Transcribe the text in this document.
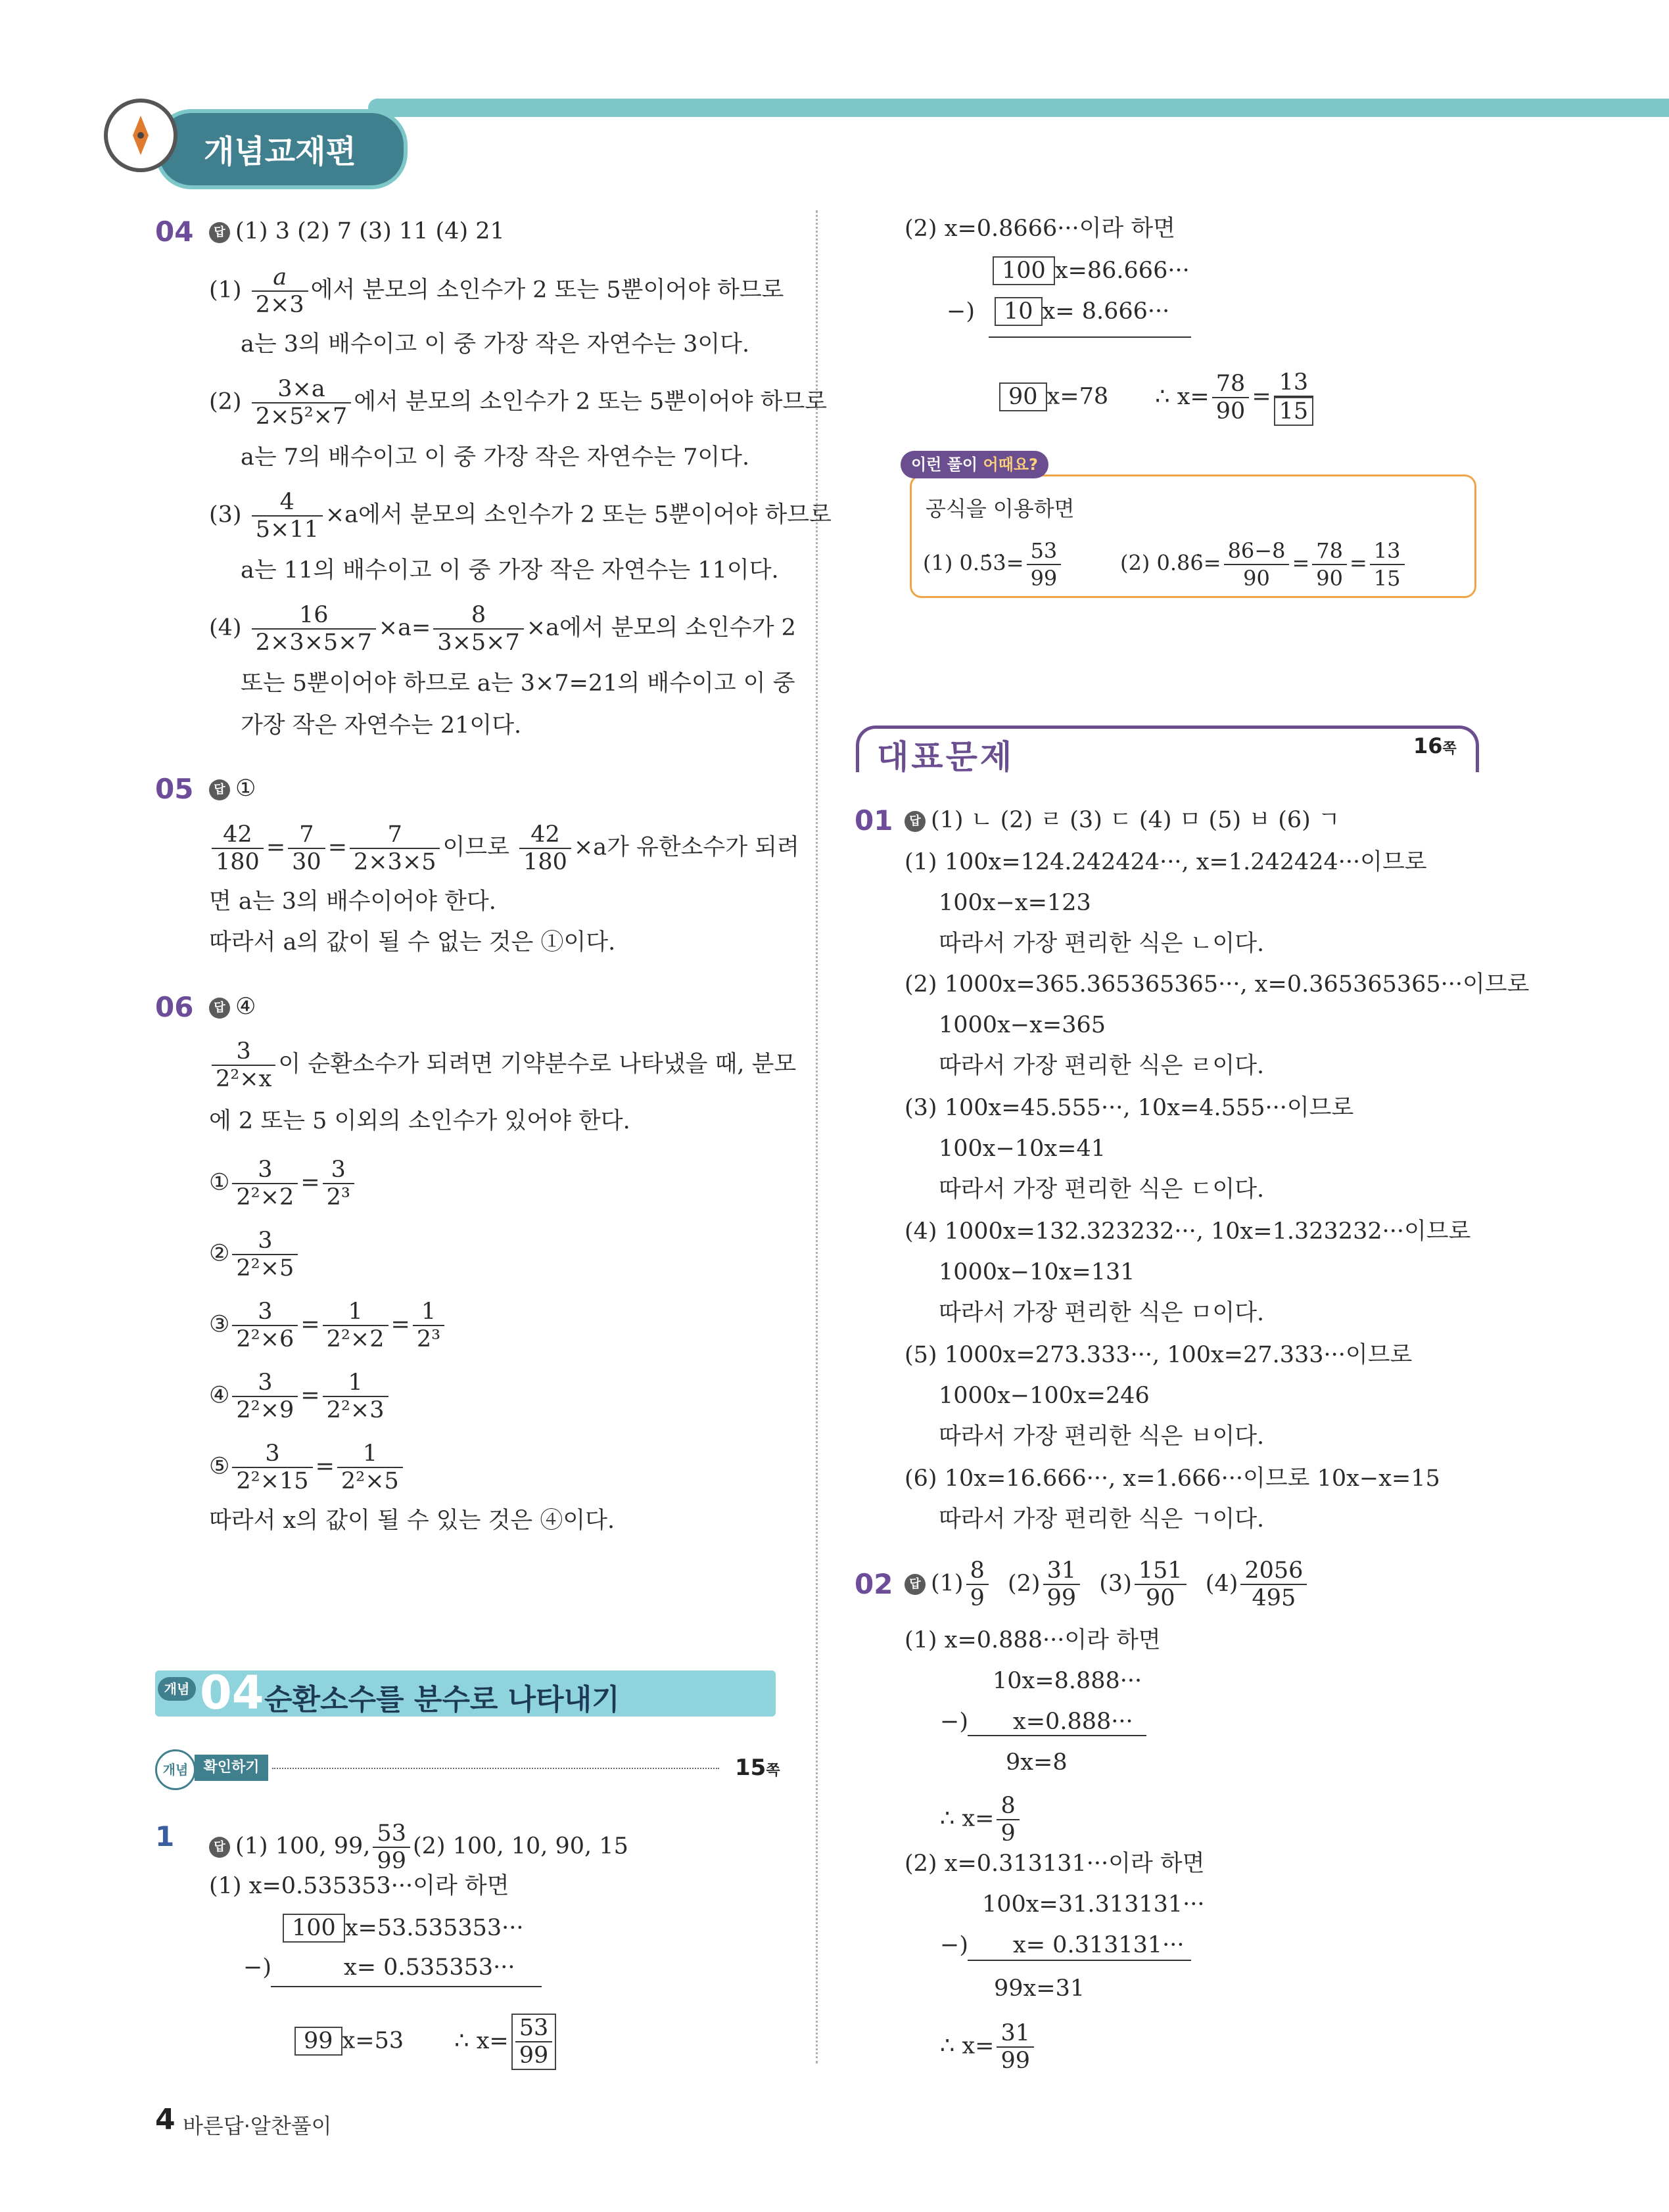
개념교재편
04	답 (1) 3 (2) 7 (3) 11 (4) 21
$(1) \frac{a}{2\times 3}$ 에서 분모의 소인수가 2 또는 5뿐이어야 하므로
a는 3의 배수이고 이 중 가장 작은 자연수는 3이다.
$(2) \frac{3\times a}{\text{2×5²×7}}$ 에서 분모의 소인수가 2 또는 5뿐이어야 하므로
a는 7의 배수이고 이 중 가장 작은 자연수는 7이다.
$(3) \frac{4}{5\times 11} \times a$에서 분모의 소인수가 2 또는 5뿐이어야 하므로
a는 11의 배수이고 이 중 가장 작은 자연수는 11이다.
$(4) \frac{16}{2\times 3\times 5\times 7} \times a= \frac{8}{3\times 5\times 7} \times a$에서 분모의 소인수가 2
또는 5뿐이어야 하므로 a는 3×7=21의 배수이고 이 중
가장 작은 자연수는 21이다.
05	답 ①
$\frac{42}{180} = \frac{7}{30} = \frac{7}{2\times 3\times 5}$ 이므로 $\frac{42}{180} \times a$가 유한소수가 되려
면 a는 3의 배수이어야 한다.
따라서 a의 값이 될 수 없는 것은 ①이다.
06	답 ④
$\frac{3}{\text{2²×x}}$ 이 순환소수가 되려면 기약분수로 나타냈을 때, 분모
에 2 또는 5 이외의 소인수가 있어야 한다.
① $\frac{3}{\text{2²×2}} = \frac{3}{\text{2³}}$
② $\frac{3}{\text{2²×5}}$
③ $\frac{3}{\text{2²×6}} = \frac{1}{\text{2²×2}} = \frac{1}{\text{2³}}$
④ $\frac{3}{\text{2²×9}} = \frac{1}{\text{2²×3}}$
⑤ $\frac{3}{\text{2²×15}} = \frac{1}{\text{2²×5}}$
따라서 x의 값이 될 수 있는 것은 ④이다.
개념 04 순환소수를 분수로 나타내기
개념	확인하기	15쪽
1	답 (1) 100, 99, $\frac{53}{99} (2)$ 100, 10, 90, 15
(1) x=0.535353···이라 하면
100 x=53.535353···
−)	x= 0.535353···
99 x=53 ∴ $x= \frac{53}{99}$
(2) x=0.8666···이라 하면
100 x=86.666···
−) 10 x= 8.666···
90 x=78 ∴ $x= \frac{78}{90} = \frac{13}{15}$
이런 풀이 어때요?
공식을 이용하면
(1) 0.5̇3̇= $\frac{53}{99}$	(2) 0.86̇= $\frac{86-8}{90} = \frac{78}{90} = \frac{13}{15}$
대표문제	16쪽
01	답 (1) ㄴ (2) ㄹ (3) ㄷ (4) ㅁ (5) ㅂ (6) ㄱ
(1) 100x=124.242424···, x=1.242424···이므로
100x−x=123
따라서 가장 편리한 식은 ㄴ이다.
(2) 1000x=365.365365365···, x=0.365365365···이므로
1000x−x=365
따라서 가장 편리한 식은 ㄹ이다.
(3) 100x=45.555···, 10x=4.555···이므로
100x−10x=41
따라서 가장 편리한 식은 ㄷ이다.
(4) 1000x=132.323232···, 10x=1.323232···이므로
1000x−10x=131
따라서 가장 편리한 식은 ㅁ이다.
(5) 1000x=273.333···, 100x=27.333···이므로
1000x−100x=246
따라서 가장 편리한 식은 ㅂ이다.
(6) 10x=16.666···, x=1.666···이므로 10x−x=15
따라서 가장 편리한 식은 ㄱ이다.
02	답 $(1) \frac{8}{9} (2) \frac{31}{99} (3) \frac{151}{90} (4) \frac{2056}{495}$
(1) x=0.888···이라 하면
10x=8.888···
−) x=0.888···
9x=8
∴ $x= \frac{8}{9}$
(2) x=0.313131···이라 하면
100x=31.313131···
−) x= 0.313131···
99x=31
∴ $x= \frac{31}{99}$
4 바른답·알찬풀이
